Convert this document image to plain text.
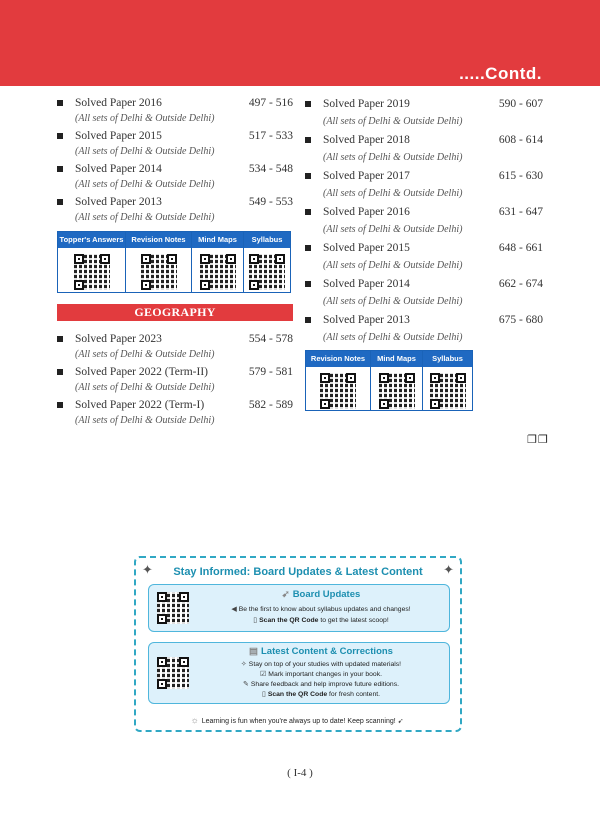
.....Contd.
Solved Paper 2016	497 - 516
(All sets of Delhi & Outside Delhi)
Solved Paper 2015	517 - 533
(All sets of Delhi & Outside Delhi)
Solved Paper 2014	534 - 548
(All sets of Delhi & Outside Delhi)
Solved Paper 2013	549 - 553
(All sets of Delhi & Outside Delhi)
Topper's Answers	Revision Notes	Mind Maps	Syllabus
GEOGRAPHY
Solved Paper 2023	554 - 578
(All sets of Delhi & Outside Delhi)
Solved Paper 2022 (Term-II)	579 - 581
(All sets of Delhi & Outside Delhi)
Solved Paper 2022 (Term-I)	582 - 589
(All sets of Delhi & Outside Delhi)
Solved Paper 2019	590 - 607
(All sets of Delhi & Outside Delhi)
Solved Paper 2018	608 - 614
(All sets of Delhi & Outside Delhi)
Solved Paper 2017	615 - 630
(All sets of Delhi & Outside Delhi)
Solved Paper 2016	631 - 647
(All sets of Delhi & Outside Delhi)
Solved Paper 2015	648 - 661
(All sets of Delhi & Outside Delhi)
Solved Paper 2014	662 - 674
(All sets of Delhi & Outside Delhi)
Solved Paper 2013	675 - 680
(All sets of Delhi & Outside Delhi)
Revision Notes	Mind Maps	Syllabus
❐❐
✦	Stay Informed: Board Updates & Latest Content	✦
➹ Board Updates
◀ Be the first to know about syllabus updates and changes!
▯ Scan the QR Code to get the latest scoop!
▤ Latest Content & Corrections
✧ Stay on top of your studies with updated materials!
☑ Mark important changes in your book.
✎ Share feedback and help improve future editions.
▯ Scan the QR Code for fresh content.
☼ Learning is fun when you're always up to date! Keep scanning! ➹
( I-4 )
